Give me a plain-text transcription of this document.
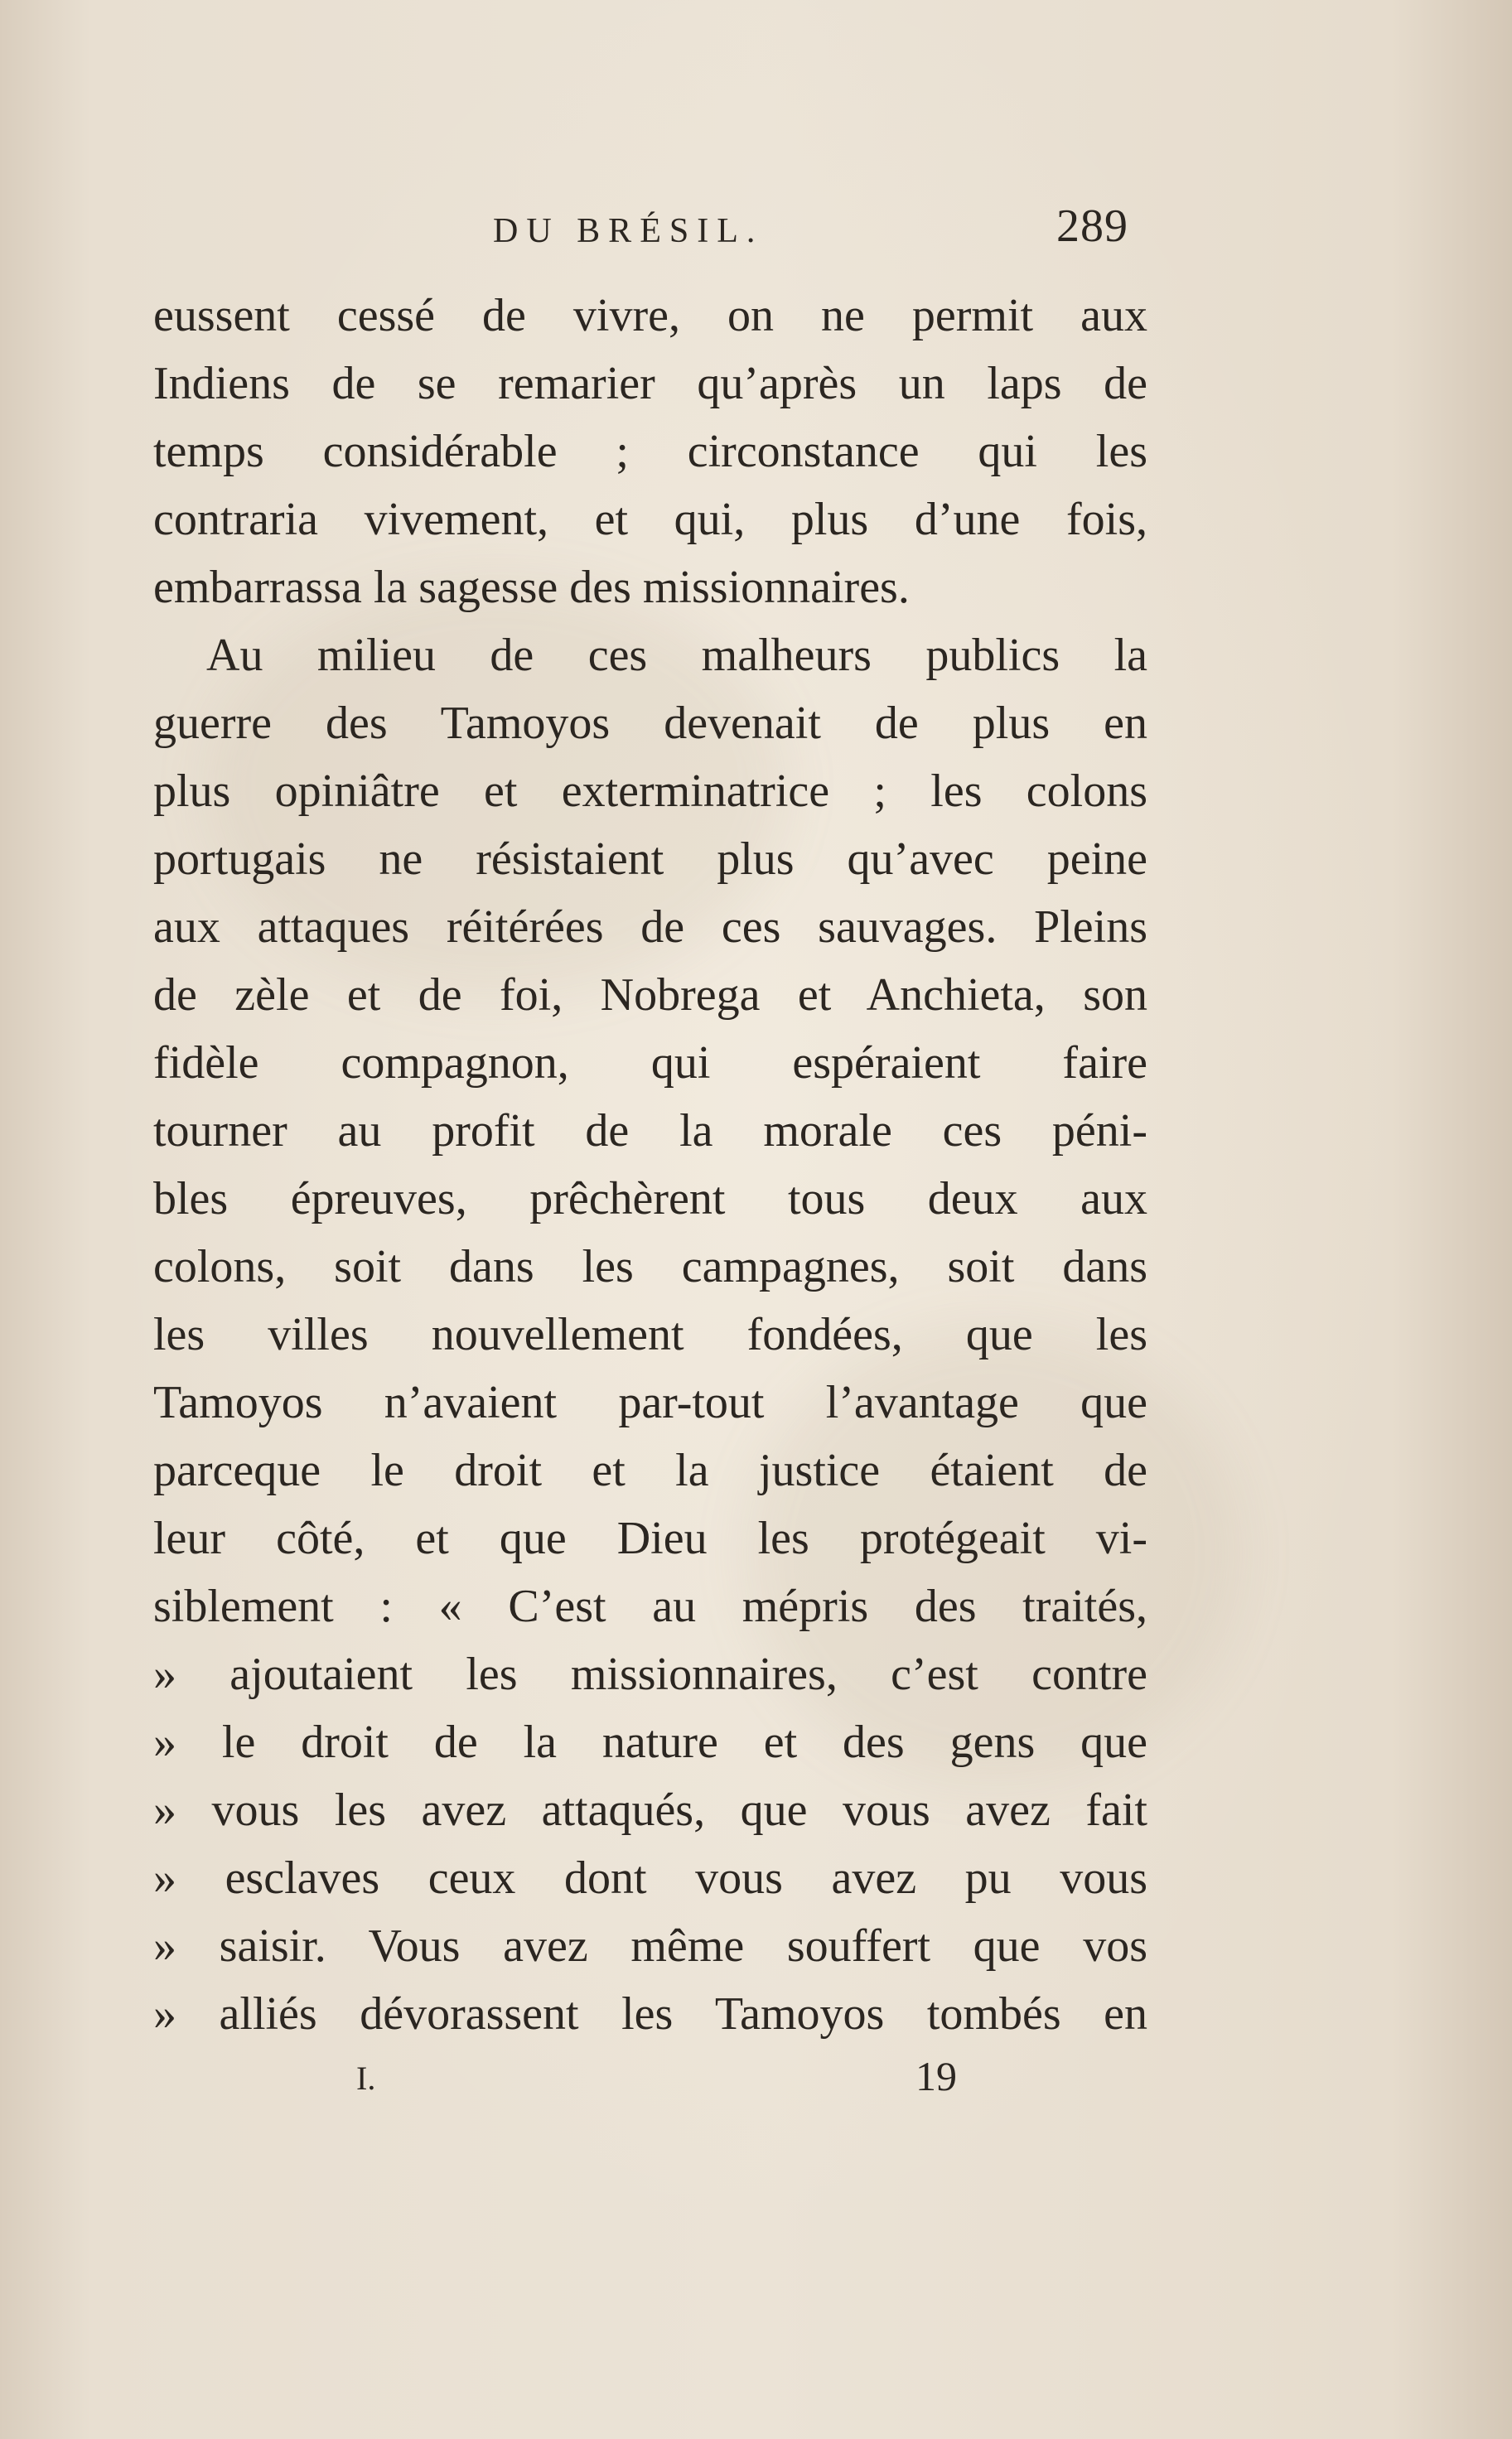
DU BRÉSIL.	289
eussent cessé de vivre, on ne permit aux
Indiens de se remarier qu’après un laps de
temps considérable ; circonstance qui les
contraria vivement, et qui, plus d’une fois,
embarrassa la sagesse des missionnaires.
Au milieu de ces malheurs publics la
guerre des Tamoyos devenait de plus en
plus opiniâtre et exterminatrice ; les colons
portugais ne résistaient plus qu’avec peine
aux attaques réitérées de ces sauvages. Pleins
de zèle et de foi, Nobrega et Anchieta, son
fidèle compagnon, qui espéraient faire
tourner au profit de la morale ces péni-
bles épreuves, prêchèrent tous deux aux
colons, soit dans les campagnes, soit dans
les villes nouvellement fondées, que les
Tamoyos n’avaient par-tout l’avantage que
parceque le droit et la justice étaient de
leur côté, et que Dieu les protégeait vi-
siblement : « C’est au mépris des traités,
» ajoutaient les missionnaires, c’est contre
» le droit de la nature et des gens que
» vous les avez attaqués, que vous avez fait
» esclaves ceux dont vous avez pu vous
» saisir. Vous avez même souffert que vos
» alliés dévorassent les Tamoyos tombés en
I.	19
